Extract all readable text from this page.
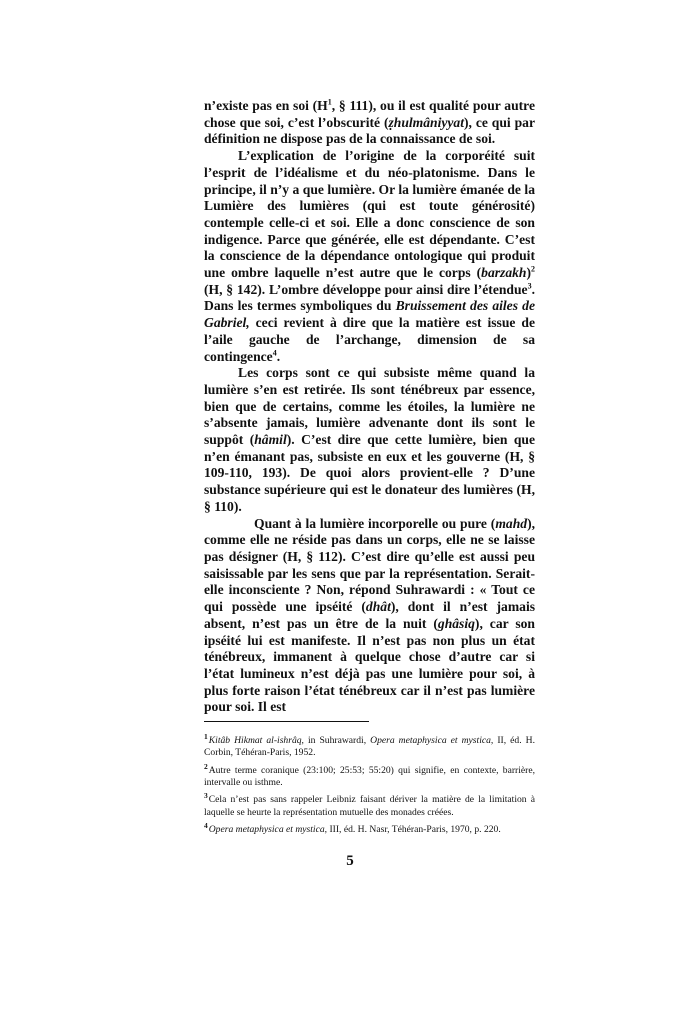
n’existe pas en soi (H$^1$, § 111), ou il est qualité pour autre chose que soi, c’est l’obscurité (ẓhulmâniyyat), ce qui par définition ne dispose pas de la connaissance de soi.

L’explication de l’origine de la corporéité suit l’esprit de l’idéalisme et du néo-platonisme. Dans le principe, il n’y a que lumière. Or la lumière émanée de la Lumière des lumières (qui est toute générosité) contemple celle-ci et soi. Elle a donc conscience de son indigence. Parce que générée, elle est dépendante. C’est la conscience de la dépendance ontologique qui produit une ombre laquelle n’est autre que le corps (barzakh)$^2$ (H, § 142). L’ombre développe pour ainsi dire l’étendue$^3$. Dans les termes symboliques du Bruissement des ailes de Gabriel, ceci revient à dire que la matière est issue de l’aile gauche de l’archange, dimension de sa contingence$^4$.

Les corps sont ce qui subsiste même quand la lumière s’en est retirée. Ils sont ténébreux par essence, bien que de certains, comme les étoiles, la lumière ne s’absente jamais, lumière advenante dont ils sont le suppôt (hâmil). C’est dire que cette lumière, bien que n’en émanant pas, subsiste en eux et les gouverne (H, § 109-110, 193). De quoi alors provient-elle ? D’une substance supérieure qui est le donateur des lumières (H, § 110).

Quant à la lumière incorporelle ou pure (mahd), comme elle ne réside pas dans un corps, elle ne se laisse pas désigner (H, § 112). C’est dire qu’elle est aussi peu saisissable par les sens que par la représentation. Serait-elle inconsciente ? Non, répond Suhrawardi : « Tout ce qui possède une ipséité (dhât), dont il n’est jamais absent, n’est pas un être de la nuit (ghâsiq), car son ipséité lui est manifeste. Il n’est pas non plus un état ténébreux, immanent à quelque chose d’autre car si l’état lumineux n’est déjà pas une lumière pour soi, à plus forte raison l’état ténébreux car il n’est pas lumière pour soi. Il est

$^1$Kitâb Hikmat al-ishrâq, in Suhrawardi, Opera metaphysica et mystica, II, éd. H. Corbin, Téhéran-Paris, 1952.

$^2$Autre terme coranique (23:100; 25:53; 55:20) qui signifie, en contexte, barrière, intervalle ou isthme.

$^3$Cela n’est pas sans rappeler Leibniz faisant dériver la matière de la limitation à laquelle se heurte la représentation mutuelle des monades créées.

$^4$Opera metaphysica et mystica, III, éd. H. Nasr, Téhéran-Paris, 1970, p. 220.

5
